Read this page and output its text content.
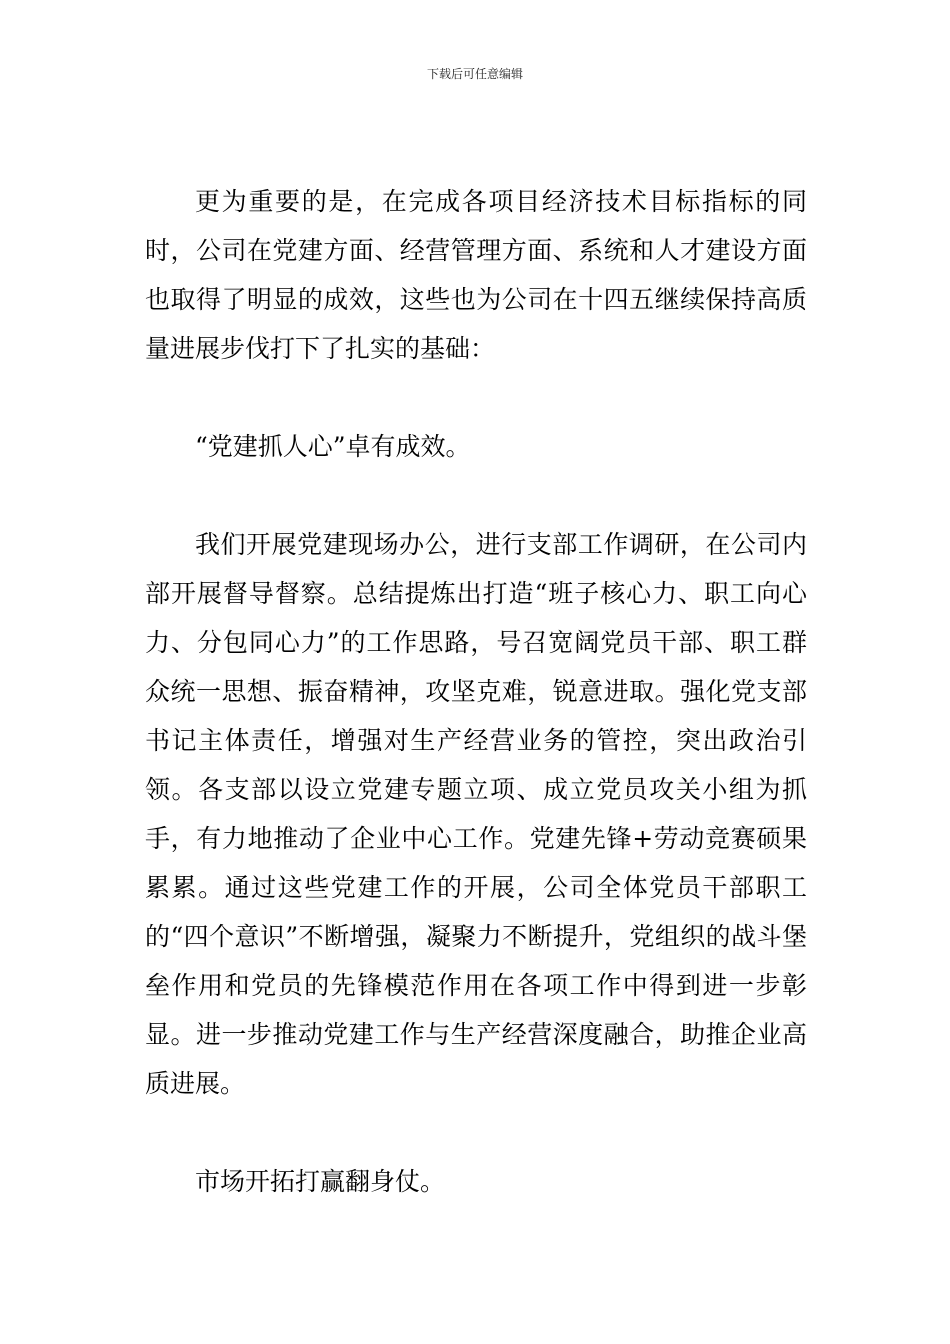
下载后可任意编辑

更为重要的是，在完成各项目经济技术目标指标的同时，公司在党建方面、经营管理方面、系统和人才建设方面也取得了明显的成效，这些也为公司在十四五继续保持高质量进展步伐打下了扎实的基础：

“党建抓人心”卓有成效。

我们开展党建现场办公，进行支部工作调研，在公司内部开展督导督察。总结提炼出打造“班子核心力、职工向心力、分包同心力”的工作思路，号召宽阔党员干部、职工群众统一思想、振奋精神，攻坚克难，锐意进取。强化党支部书记主体责任，增强对生产经营业务的管控，突出政治引领。各支部以设立党建专题立项、成立党员攻关小组为抓手，有力地推动了企业中心工作。党建先锋+劳动竞赛硕果累累。通过这些党建工作的开展，公司全体党员干部职工的“四个意识”不断增强，凝聚力不断提升，党组织的战斗堡垒作用和党员的先锋模范作用在各项工作中得到进一步彰显。进一步推动党建工作与生产经营深度融合，助推企业高质进展。

市场开拓打赢翻身仗。
